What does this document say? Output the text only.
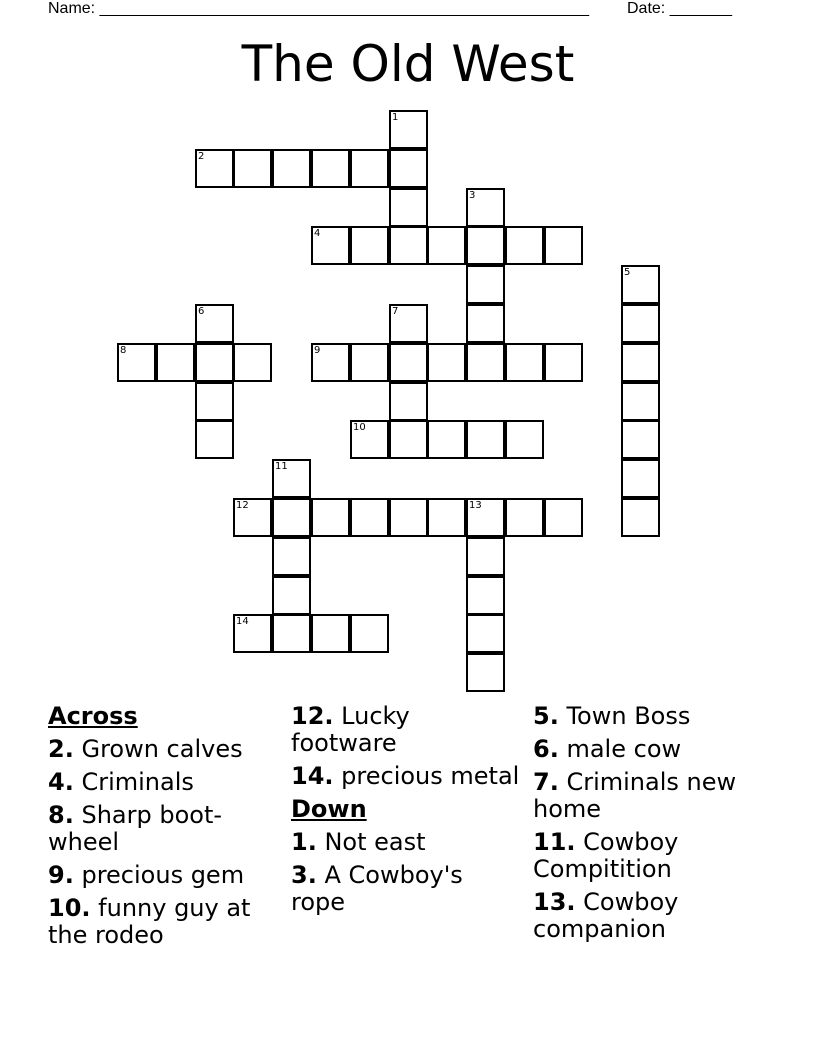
Name: _______________________________________________________ Date: _______
The Old West
1
2
3
4
5
6	7
8	9
10
11
12	13
14
Across
2. Grown calves
4. Criminals
8. Sharp boot-wheel
9. precious gem
10. funny guy at the rodeo
12. Lucky footware
14. precious metal
Down
1. Not east
3. A Cowboy's rope
5. Town Boss
6. male cow
7. Criminals new home
11. Cowboy Compitition
13. Cowboy companion
